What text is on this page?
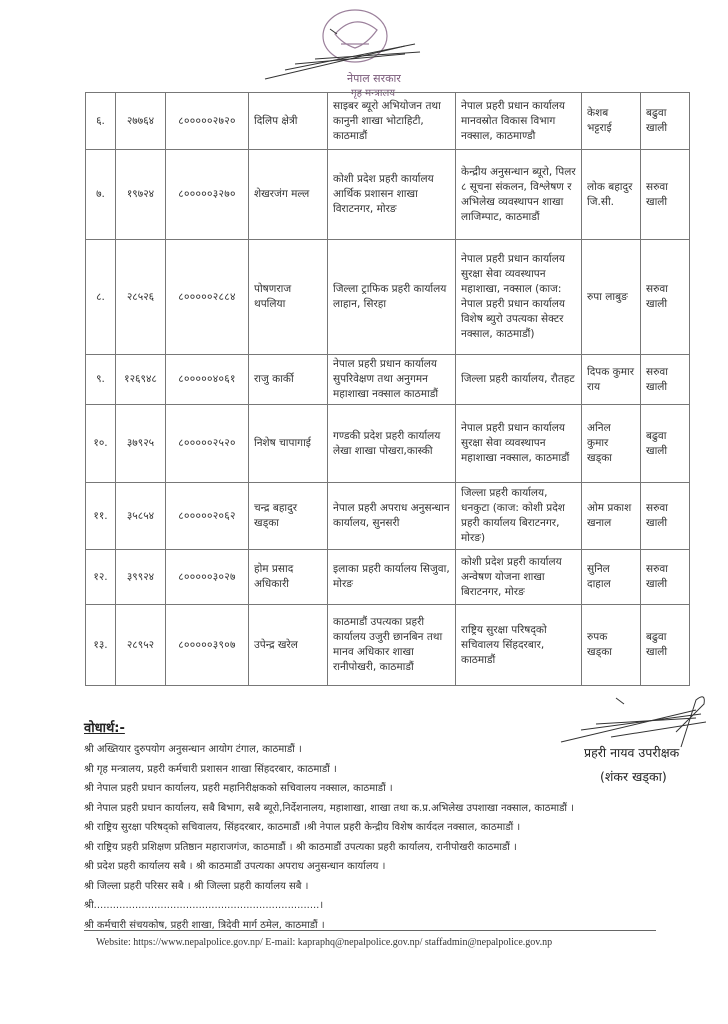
नेपाल सरकार
गृह मन्त्रालय
६.	२७७६४	८०००००२७२०	दिलिप क्षेत्री	साइबर ब्यूरो अभियोजन तथा कानुनी शाखा भोटाहिटी, काठमाडौं	नेपाल प्रहरी प्रधान कार्यालय मानवस्रोत विकास विभाग नक्साल, काठमाण्डौ	केशब भट्टराई	बढुवा खाली
७.	१९७२४	८०००००३२७०	शेखरजंग मल्ल	कोशी प्रदेश प्रहरी कार्यालय आर्थिक प्रशासन शाखा विराटनगर, मोरङ	केन्द्रीय अनुसन्धान ब्यूरो, पिलर ८ सूचना संकलन, विश्लेषण र अभिलेख व्यवस्थापन शाखा लाजिम्पाट, काठमाडौं	लोक बहादुर जि.सी.	सरुवा खाली
८.	२८५२६	८०००००२८८४	पोषणराज थपलिया	जिल्ला ट्राफिक प्रहरी कार्यालय लाहान, सिरहा	नेपाल प्रहरी प्रधान कार्यालय सुरक्षा सेवा व्यवस्थापन महाशाखा, नक्साल (काज: नेपाल प्रहरी प्रधान कार्यालय विशेष ब्युरो उपत्यका सेक्टर नक्साल, काठमाडौं)	रुपा लाबुङ	सरुवा खाली
९.	१२६९४८	८०००००४०६१	राजु कार्की	नेपाल प्रहरी प्रधान कार्यालय सुपरिवेक्षण तथा अनुगमन महाशाखा नक्साल काठमाडौं	जिल्ला प्रहरी कार्यालय, रौतहट	दिपक कुमार राय	सरुवा खाली
१०.	३७९२५	८०००००२५२०	निशेष चापागाई	गण्डकी प्रदेश प्रहरी कार्यालय लेखा शाखा पोखरा,कास्की	नेपाल प्रहरी प्रधान कार्यालय सुरक्षा सेवा व्यवस्थापन महाशाखा नक्साल, काठमाडौं	अनिल कुमार खड्का	बढुवा खाली
११.	३५८५४	८०००००२०६२	चन्द्र बहादुर खड्का	नेपाल प्रहरी अपराध अनुसन्धान कार्यालय, सुनसरी	जिल्ला प्रहरी कार्यालय, धनकुटा (काज: कोशी प्रदेश प्रहरी कार्यालय बिराटनगर, मोरङ)	ओम प्रकाश खनाल	सरुवा खाली
१२.	३९९२४	८०००००३०२७	होम प्रसाद अधिकारी	इलाका प्रहरी कार्यालय सिजुवा, मोरङ	कोशी प्रदेश प्रहरी कार्यालय अन्वेषण योजना शाखा बिराटनगर, मोरङ	सुनिल दाहाल	सरुवा खाली
१३.	२८९५२	८०००००३९०७	उपेन्द्र खरेल	काठमाडौं उपत्यका प्रहरी कार्यालय उजुरी छानबिन तथा मानव अधिकार शाखा रानीपोखरी, काठमाडौं	राष्ट्रिय सुरक्षा परिषद्को सचिवालय सिंहदरबार, काठमाडौं	रुपक खड्का	बढुवा खाली
वोधार्थ:-
श्री अख्तियार दुरुपयोग अनुसन्धान आयोग टंगाल, काठमाडौं ।
श्री गृह मन्त्रालय, प्रहरी कर्मचारी प्रशासन शाखा सिंहदरबार, काठमाडौं ।
श्री नेपाल प्रहरी प्रधान कार्यालय, प्रहरी महानिरीक्षकको सचिवालय नक्साल, काठमाडौं ।
श्री नेपाल प्रहरी प्रधान कार्यालय, सबै बिभाग, सबै ब्यूरो,निर्देशनालय, महाशाखा, शाखा तथा क.प्र.अभिलेख उपशाखा नक्साल, काठमाडौं ।
श्री राष्ट्रिय सुरक्षा परिषद्को सचिवालय, सिंहदरबार, काठमाडौं ।श्री नेपाल प्रहरी केन्द्रीय विशेष कार्यदल नक्साल, काठमाडौं ।
श्री राष्ट्रिय प्रहरी प्रशिक्षण प्रतिष्ठान महाराजगंज, काठमाडौं । श्री काठमाडौं उपत्यका प्रहरी कार्यालय, रानीपोखरी काठमाडौं ।
श्री प्रदेश प्रहरी कार्यालय सबै । श्री काठमाडौं उपत्यका अपराध अनुसन्धान कार्यालय ।
श्री जिल्ला प्रहरी परिसर सबै । श्री जिल्ला प्रहरी कार्यालय सबै ।
श्री.......................................................................।
श्री कर्मचारी संचयकोष, प्रहरी शाखा, त्रिदेवी मार्ग ठमेल, काठमाडौं ।
प्रहरी नायव उपरीक्षक
(शंकर खड्का)
Website: https://www.nepalpolice.gov.np/ E-mail: kapraphq@nepalpolice.gov.np/ staffadmin@nepalpolice.gov.np
